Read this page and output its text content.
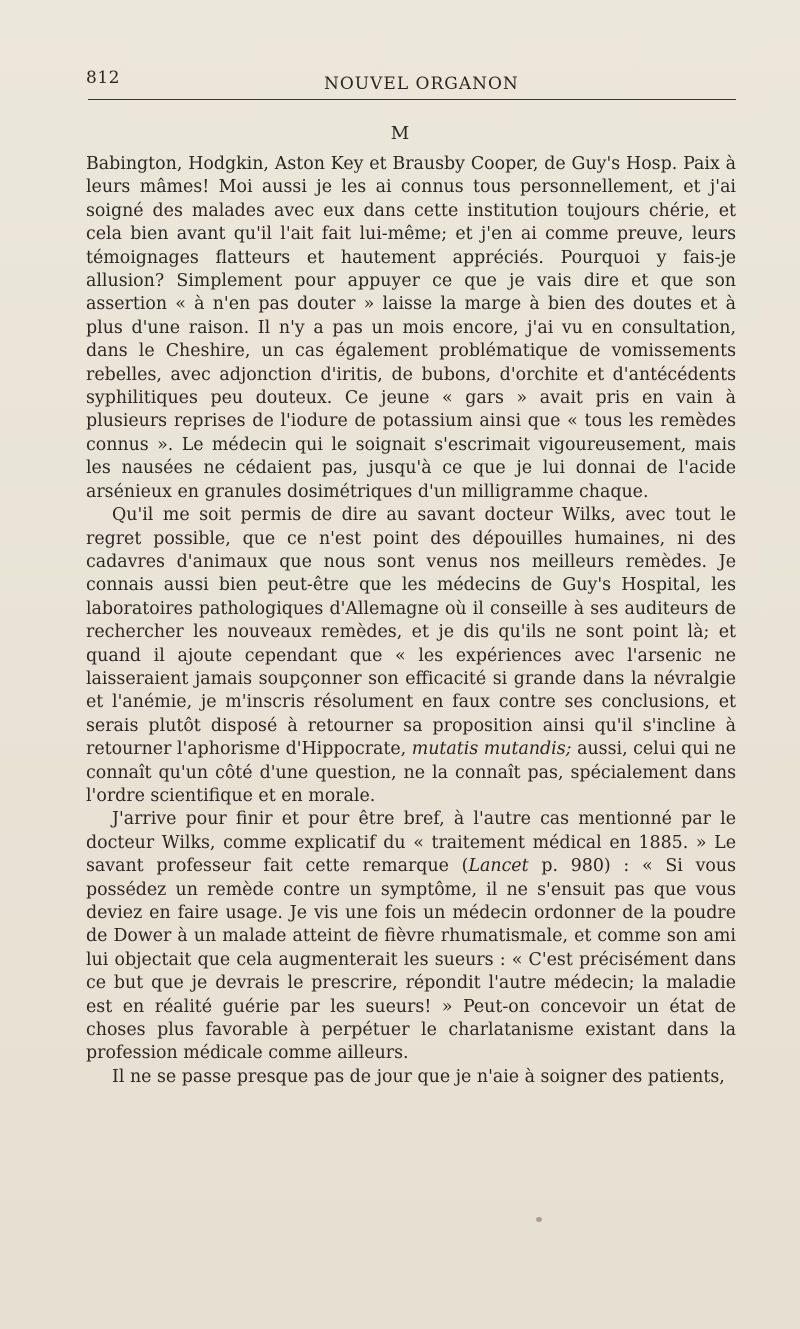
812	NOUVEL ORGANON
M

Babington, Hodgkin, Aston Key et Brausby Cooper, de Guy's Hosp. Paix à leurs mâmes! Moi aussi je les ai connus tous personnellement, et j'ai soigné des malades avec eux dans cette institution toujours chérie, et cela bien avant qu'il l'ait fait lui-même; et j'en ai comme preuve, leurs témoignages flatteurs et hautement appréciés. Pourquoi y fais-je allusion? Simplement pour appuyer ce que je vais dire et que son assertion « à n'en pas douter » laisse la marge à bien des doutes et à plus d'une raison. Il n'y a pas un mois encore, j'ai vu en consultation, dans le Cheshire, un cas également problématique de vomissements rebelles, avec adjonction d'iritis, de bubons, d'orchite et d'antécédents syphilitiques peu douteux. Ce jeune « gars » avait pris en vain à plusieurs reprises de l'iodure de potassium ainsi que « tous les remèdes connus ». Le médecin qui le soignait s'escrimait vigoureusement, mais les nausées ne cédaient pas, jusqu'à ce que je lui donnai de l'acide arsénieux en granules dosimétriques d'un milligramme chaque.

Qu'il me soit permis de dire au savant docteur Wilks, avec tout le regret possible, que ce n'est point des dépouilles humaines, ni des cadavres d'animaux que nous sont venus nos meilleurs remèdes. Je connais aussi bien peut-être que les médecins de Guy's Hospital, les laboratoires pathologiques d'Allemagne où il conseille à ses auditeurs de rechercher les nouveaux remèdes, et je dis qu'ils ne sont point là; et quand il ajoute cependant que « les expériences avec l'arsenic ne laisseraient jamais soupçonner son efficacité si grande dans la névralgie et l'anémie, je m'inscris résolument en faux contre ses conclusions, et serais plutôt disposé à retourner sa proposition ainsi qu'il s'incline à retourner l'aphorisme d'Hippocrate, mutatis mutandis; aussi, celui qui ne connaît qu'un côté d'une question, ne la connaît pas, spécialement dans l'ordre scientifique et en morale.

J'arrive pour finir et pour être bref, à l'autre cas mentionné par le docteur Wilks, comme explicatif du « traitement médical en 1885. » Le savant professeur fait cette remarque (Lancet p. 980) : « Si vous possédez un remède contre un symptôme, il ne s'ensuit pas que vous deviez en faire usage. Je vis une fois un médecin ordonner de la poudre de Dower à un malade atteint de fièvre rhumatismale, et comme son ami lui objectait que cela augmenterait les sueurs : « C'est précisément dans ce but que je devrais le prescrire, répondit l'autre médecin; la maladie est en réalité guérie par les sueurs! » Peut-on concevoir un état de choses plus favorable à perpétuer le charlatanisme existant dans la profession médicale comme ailleurs.

Il ne se passe presque pas de jour que je n'aie à soigner des patients,
